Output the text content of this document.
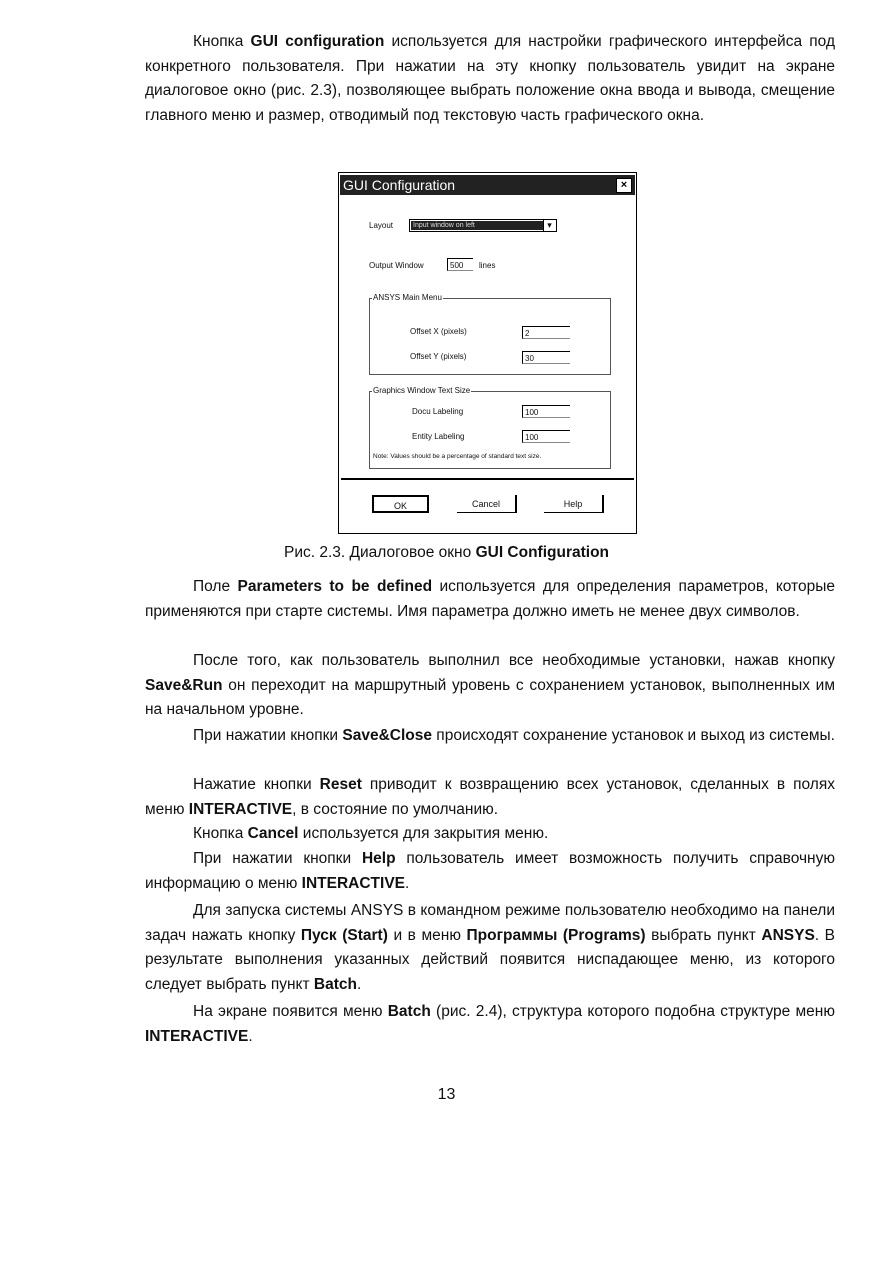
Кнопка GUI configuration используется для настройки графического интерфейса под конкретного пользователя. При нажатии на эту кнопку пользователь увидит на экране диалоговое окно (рис. 2.3), позволяющее выбрать положение окна ввода и вывода, смещение главного меню и размер, отводимый под текстовую часть графического окна.

GUI Configuration	×
Layout	Input window on left	▾
Output Window	500	lines
ANSYS Main Menu
Offset X (pixels)	2
Offset Y (pixels)	30
Graphics Window Text Size
Docu Labeling	100
Entity Labeling	100
Note: Values should be a percentage of standard text size.
OK	Cancel	Help
Рис. 2.3. Диалоговое окно GUI Configuration

Поле Parameters to be defined используется для определения параметров, которые применяются при старте системы. Имя параметра должно иметь не менее двух символов.

После того, как пользователь выполнил все необходимые установки, нажав кнопку Save&Run он переходит на маршрутный уровень с сохранением установок, выполненных им на начальном уровне.

При нажатии кнопки Save&Close происходят сохранение установок и выход из системы.

Нажатие кнопки Reset приводит к возвращению всех установок, сделанных в полях меню INTERACTIVE, в состояние по умолчанию.

Кнопка Cancel используется для закрытия меню.

При нажатии кнопки Help пользователь имеет возможность получить справочную информацию о меню INTERACTIVE.

Для запуска системы ANSYS в командном режиме пользователю необходимо на панели задач нажать кнопку Пуск (Start) и в меню Программы (Programs) выбрать пункт ANSYS. В результате выполнения указанных действий появится ниспадающее меню, из которого следует выбрать пункт Batch.

На экране появится меню Batch (рис. 2.4), структура которого подобна структуре меню INTERACTIVE.

13
